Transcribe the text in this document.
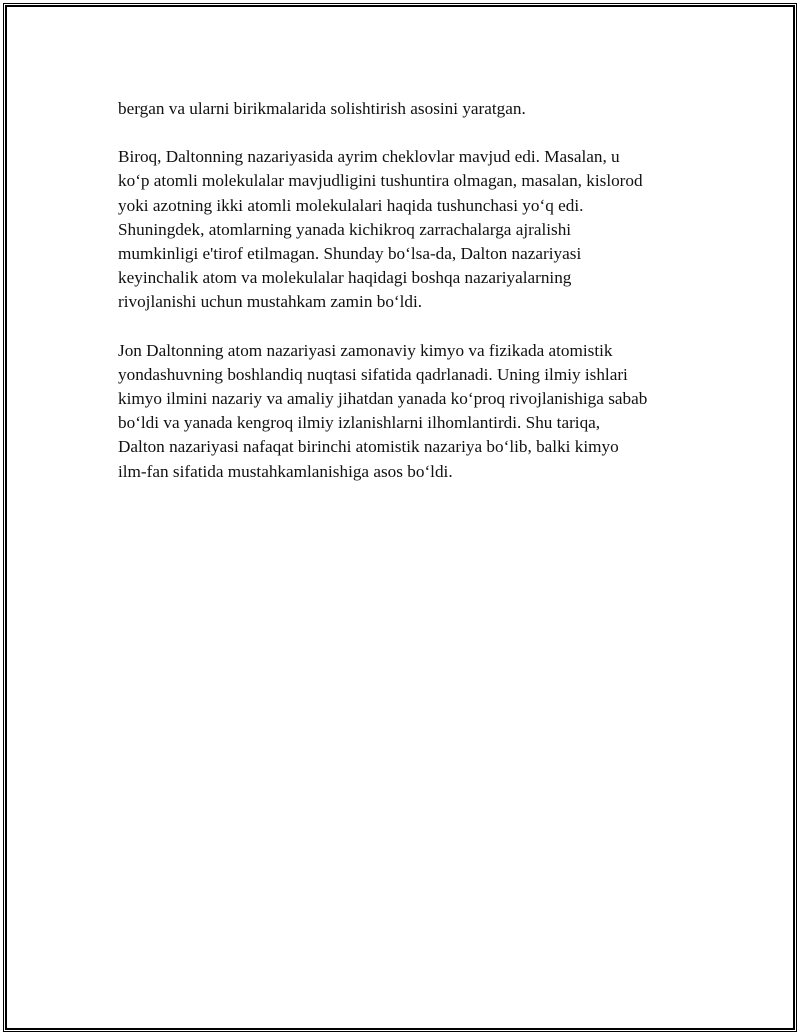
bergan va ularni birikmalarida solishtirish asosini yaratgan.

Biroq, Daltonning nazariyasida ayrim cheklovlar mavjud edi. Masalan, u
ko‘p atomli molekulalar mavjudligini tushuntira olmagan, masalan, kislorod
yoki azotning ikki atomli molekulalari haqida tushunchasi yo‘q edi.
Shuningdek, atomlarning yanada kichikroq zarrachalarga ajralishi
mumkinligi e'tirof etilmagan. Shunday bo‘lsa-da, Dalton nazariyasi
keyinchalik atom va molekulalar haqidagi boshqa nazariyalarning
rivojlanishi uchun mustahkam zamin bo‘ldi.

Jon Daltonning atom nazariyasi zamonaviy kimyo va fizikada atomistik
yondashuvning boshlandiq nuqtasi sifatida qadrlanadi. Uning ilmiy ishlari
kimyo ilmini nazariy va amaliy jihatdan yanada ko‘proq rivojlanishiga sabab
bo‘ldi va yanada kengroq ilmiy izlanishlarni ilhomlantirdi. Shu tariqa,
Dalton nazariyasi nafaqat birinchi atomistik nazariya bo‘lib, balki kimyo
ilm-fan sifatida mustahkamlanishiga asos bo‘ldi.
